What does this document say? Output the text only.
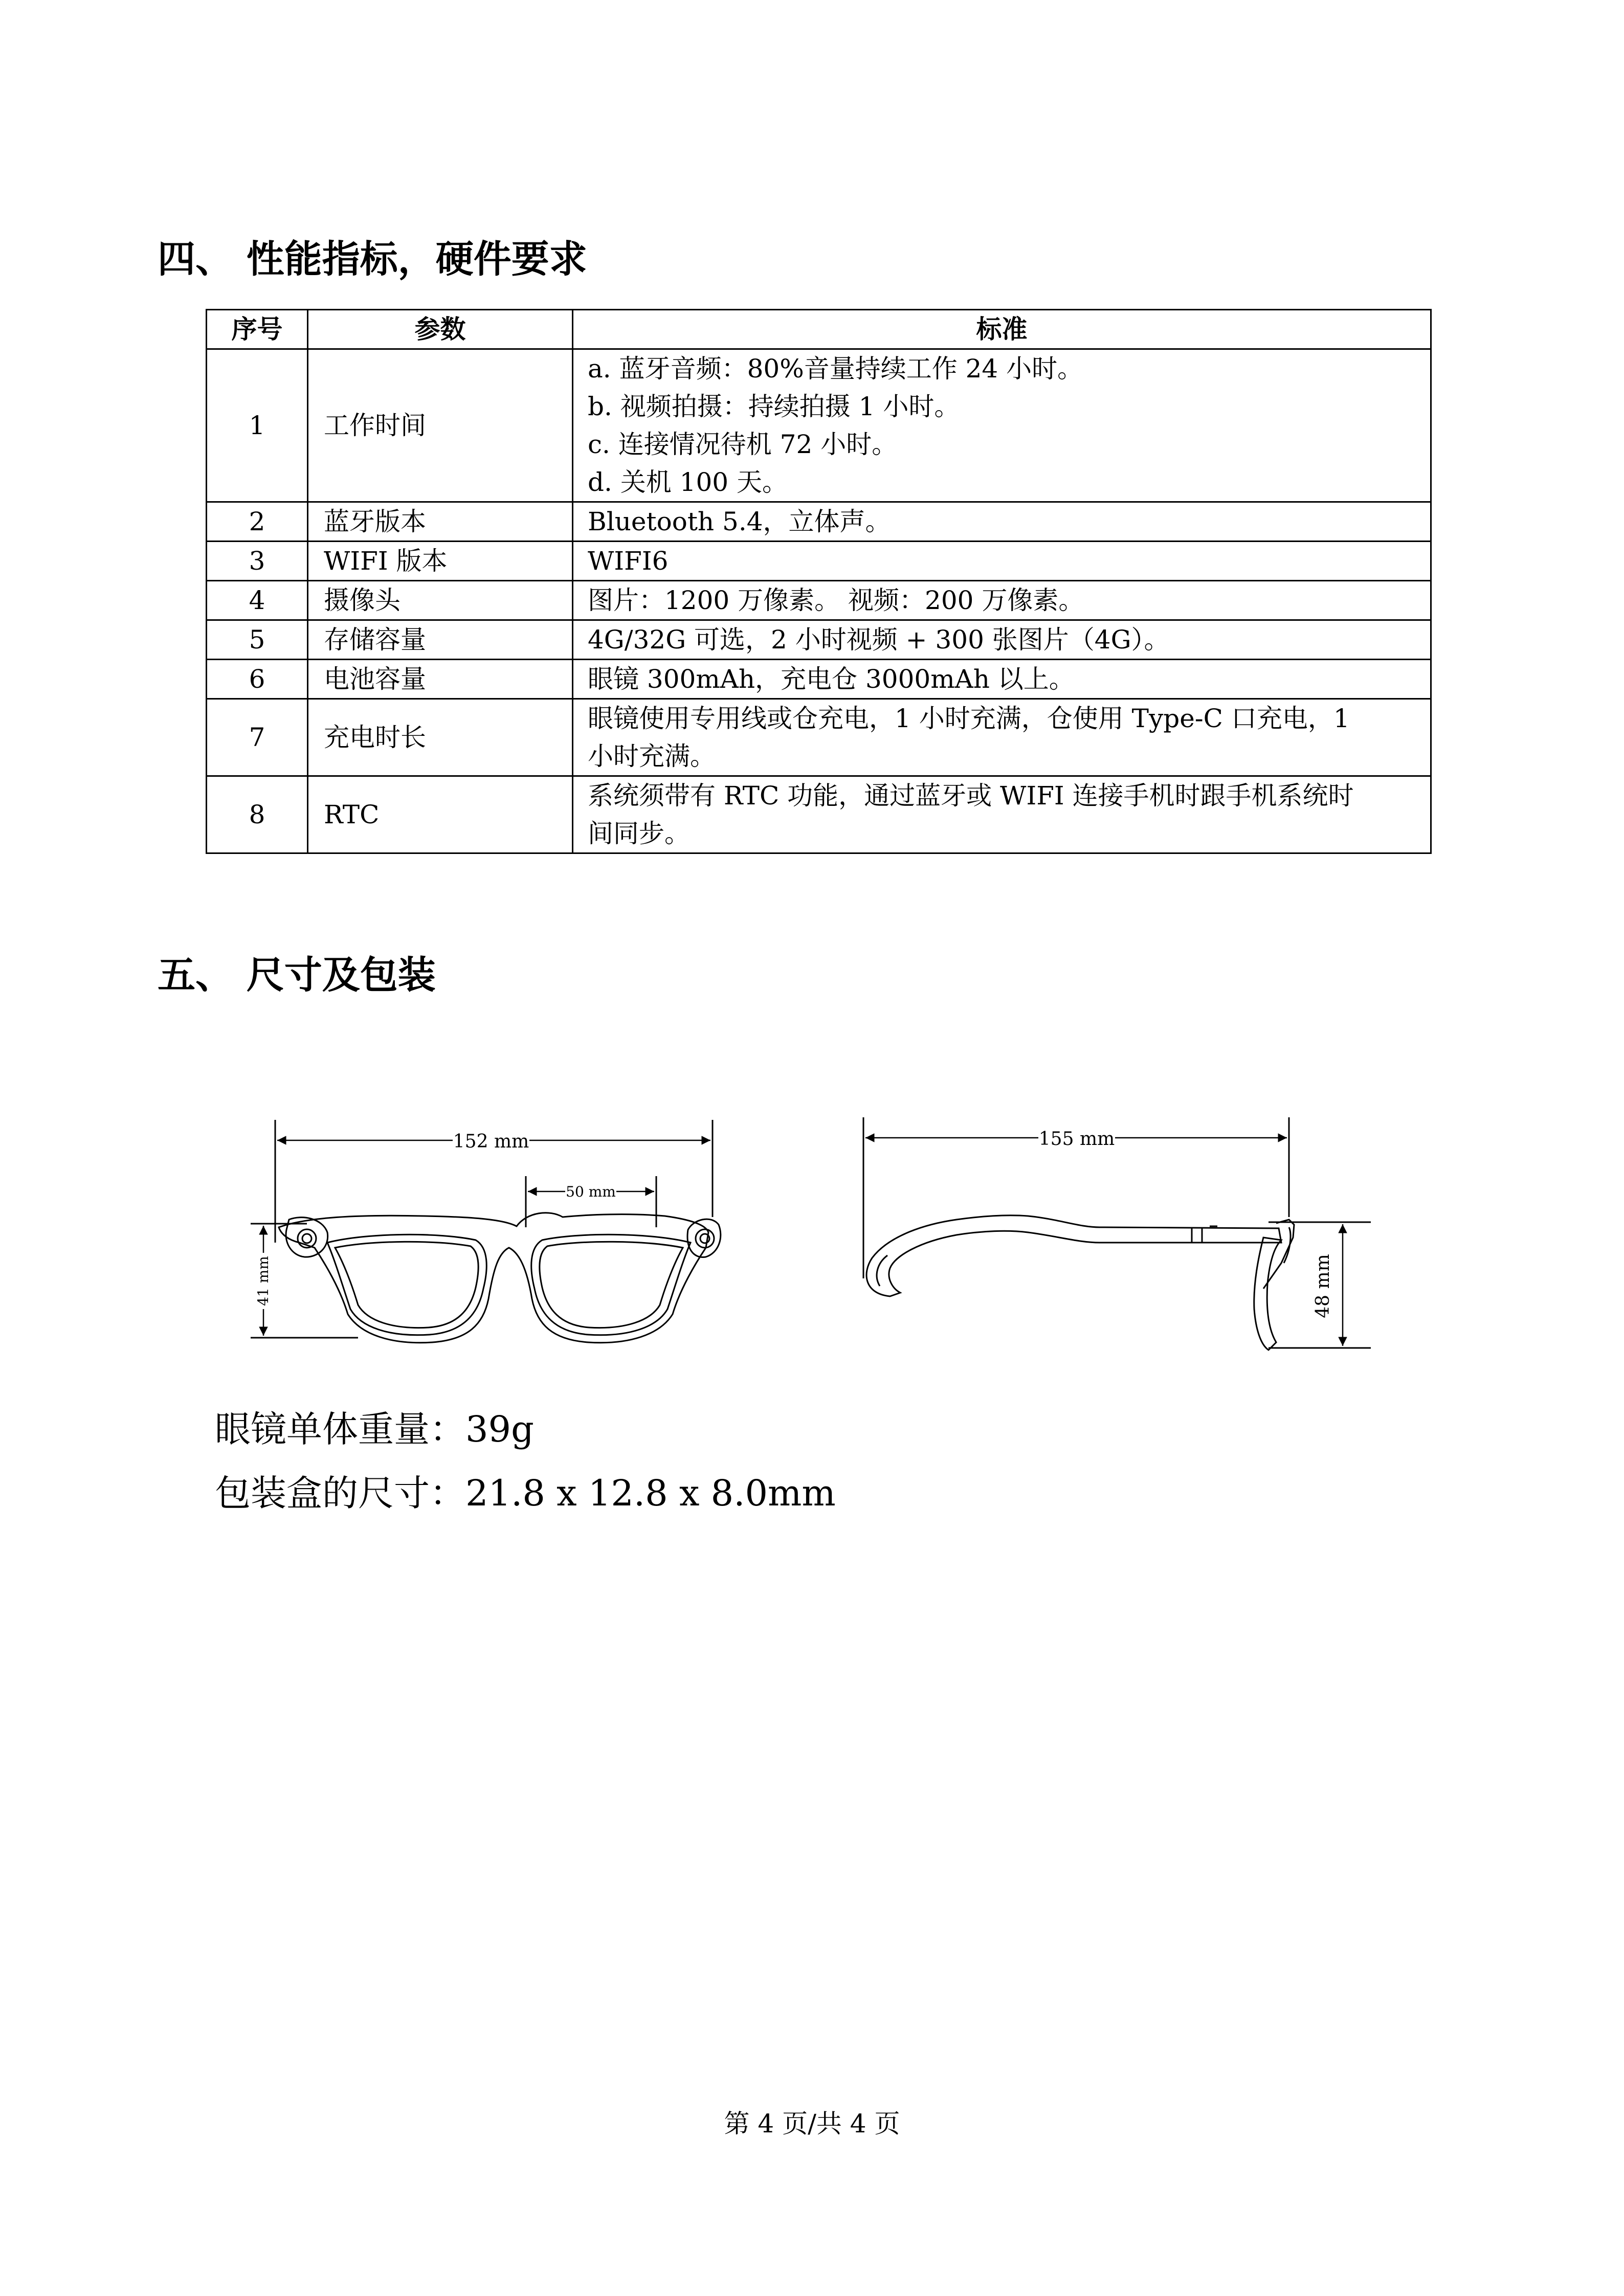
四、 性能指标，硬件要求
序号	参数	标准
1	工作时间	a. 蓝牙音频：80%音量持续工作 24 小时。
b. 视频拍摄：持续拍摄 1 小时。
c. 连接情况待机 72 小时。
d. 关机 100 天。

2	蓝牙版本	Bluetooth 5.4，立体声。

3	WIFI 版本	WIFI6

4	摄像头	图片：1200 万像素。 视频：200 万像素。

5	存储容量	4G/32G 可选，2 小时视频 + 300 张图片（4G）。

6	电池容量	眼镜 300mAh，充电仓 3000mAh 以上。

7	充电时长	眼镜使用专用线或仓充电，1 小时充满，仓使用 Type-C 口充电，1
小时充满。

8	RTC	系统须带有 RTC 功能，通过蓝牙或 WIFI 连接手机时跟手机系统时
间同步。
五、 尺寸及包装
152 mm
50 mm
41 mm
155 mm
48 mm
眼镜单体重量：39g
包装盒的尺寸：21.8 x 12.8 x 8.0mm
第 4 页/共 4 页
